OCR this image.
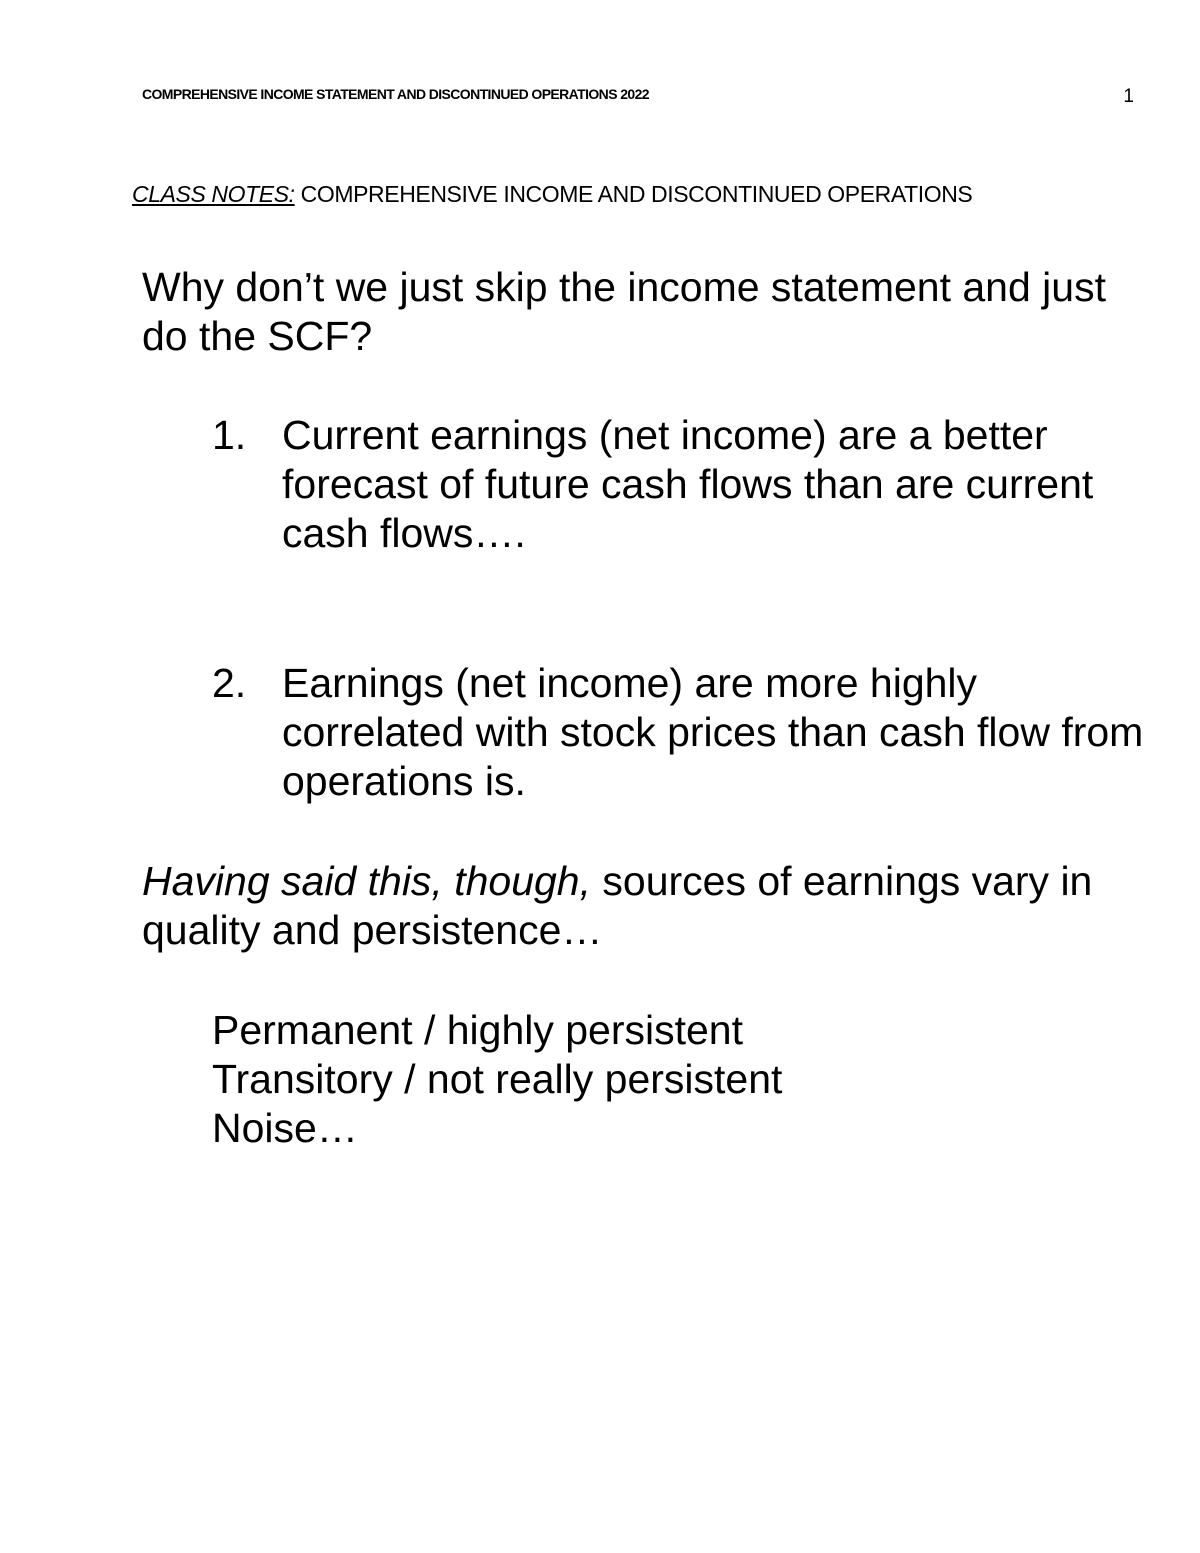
COMPREHENSIVE INCOME STATEMENT AND DISCONTINUED OPERATIONS 2022	1
CLASS NOTES: COMPREHENSIVE INCOME AND DISCONTINUED OPERATIONS
Why don’t we just skip the income statement and just do the SCF?
1. Current earnings (net income) are a better forecast of future cash flows than are current cash flows….
2. Earnings (net income) are more highly correlated with stock prices than cash flow from operations is.
Having said this, though, sources of earnings vary in quality and persistence…
Permanent / highly persistent
Transitory / not really persistent
Noise…
